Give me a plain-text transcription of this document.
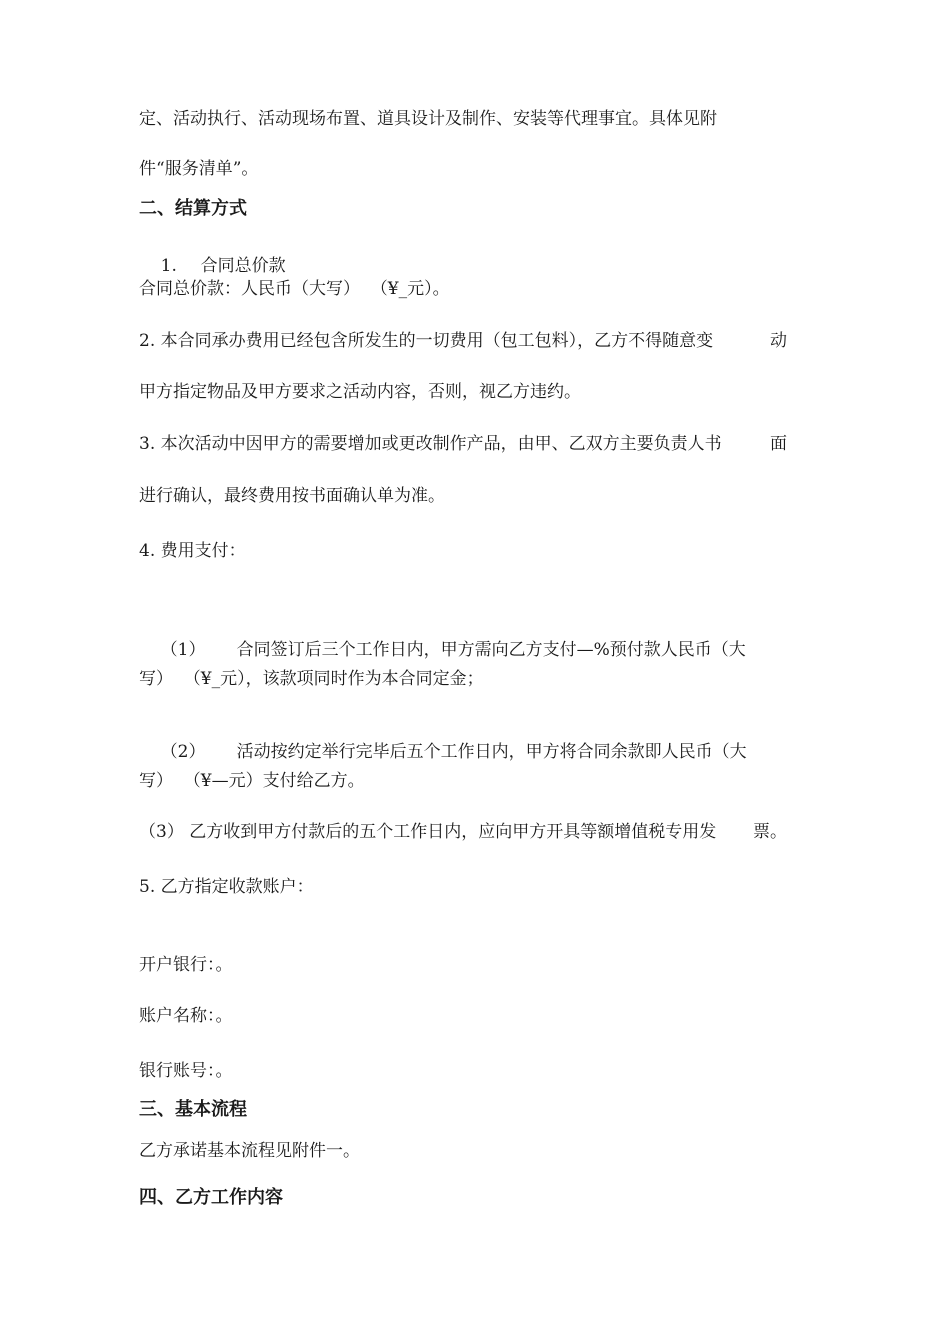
定、活动执行、活动现场布置、道具设计及制作、安装等代理事宜。具体见附
件“服务清单”。
二、结算方式

1. 合同总价款

合同总价款：人民币（大写）  （¥_元）。
2. 本合同承办费用已经包含所发生的一切费用（包工包料），乙方不得随意变	动
甲方指定物品及甲方要求之活动内容，否则，视乙方违约。
3. 本次活动中因甲方的需要增加或更改制作产品，由甲、乙双方主要负责人书	面
进行确认，最终费用按书面确认单为准。
4. 费用支付：

（1） 合同签订后三个工作日内，甲方需向乙方支付—%预付款人民币（大

写）  （¥_元），该款项同时作为本合同定金；

（2） 活动按约定举行完毕后五个工作日内，甲方将合同余款即人民币（大

写）  （¥—元）支付给乙方。
（3） 乙方收到甲方付款后的五个工作日内，应向甲方开具等额增值税专用发 票。
5. 乙方指定收款账户：
开户银行：。
账户名称：。
银行账号：。
三、基本流程
乙方承诺基本流程见附件一。
四、乙方工作内容
